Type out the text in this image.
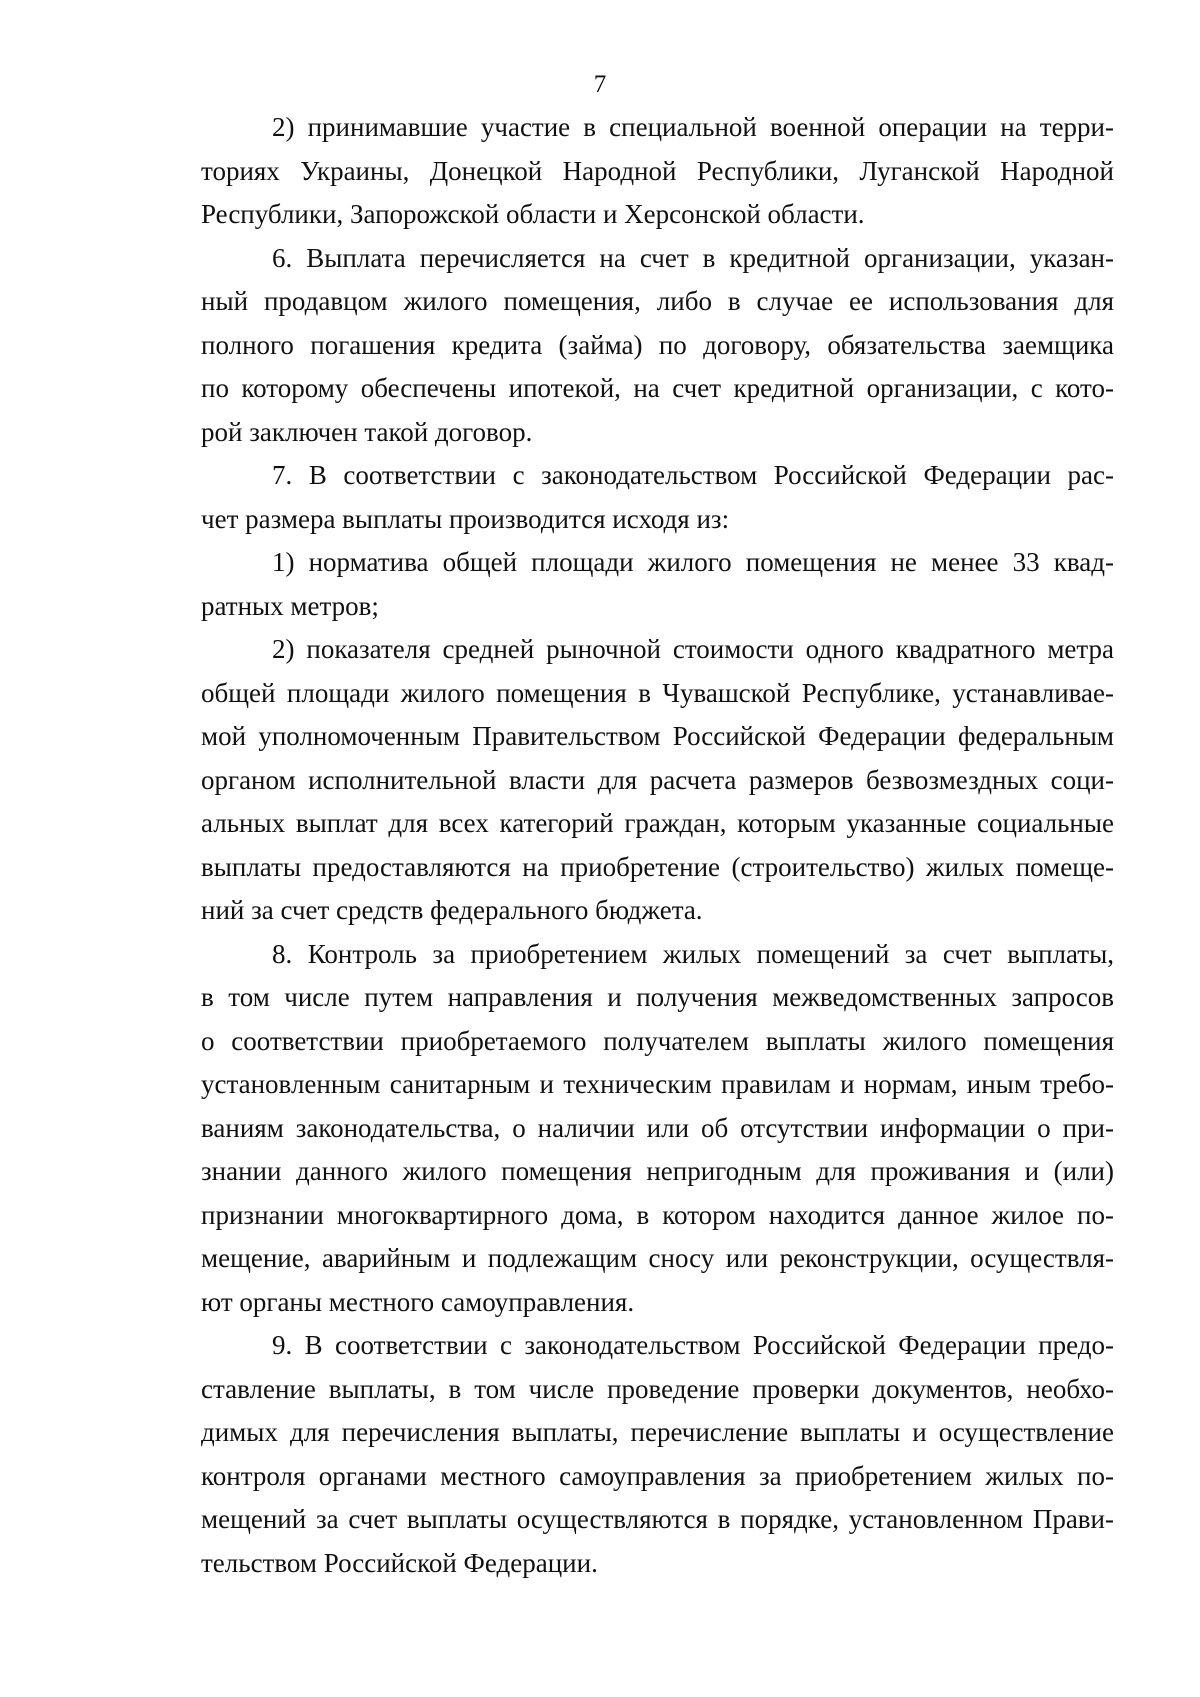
7

2) принимавшие участие в специальной военной операции на терри-
ториях Украины, Донецкой Народной Республики, Луганской Народной
Республики, Запорожской области и Херсонской области.

6. Выплата перечисляется на счет в кредитной организации, указан-
ный продавцом жилого помещения, либо в случае ее использования для
полного погашения кредита (займа) по договору, обязательства заемщика
по которому обеспечены ипотекой, на счет кредитной организации, с кото-
рой заключен такой договор.

7. В соответствии с законодательством Российской Федерации рас-
чет размера выплаты производится исходя из:

1) норматива общей площади жилого помещения не менее 33 квад-
ратных метров;

2) показателя средней рыночной стоимости одного квадратного метра
общей площади жилого помещения в Чувашской Республике, устанавливае-
мой уполномоченным Правительством Российской Федерации федеральным
органом исполнительной власти для расчета размеров безвозмездных соци-
альных выплат для всех категорий граждан, которым указанные социальные
выплаты предоставляются на приобретение (строительство) жилых помеще-
ний за счет средств федерального бюджета.

8. Контроль за приобретением жилых помещений за счет выплаты,
в том числе путем направления и получения межведомственных запросов
о соответствии приобретаемого получателем выплаты жилого помещения
установленным санитарным и техническим правилам и нормам, иным требо-
ваниям законодательства, о наличии или об отсутствии информации о при-
знании данного жилого помещения непригодным для проживания и (или)
признании многоквартирного дома, в котором находится данное жилое по-
мещение, аварийным и подлежащим сносу или реконструкции, осуществля-
ют органы местного самоуправления.

9. В соответствии с законодательством Российской Федерации предо-
ставление выплаты, в том числе проведение проверки документов, необхо-
димых для перечисления выплаты, перечисление выплаты и осуществление
контроля органами местного самоуправления за приобретением жилых по-
мещений за счет выплаты осуществляются в порядке, установленном Прави-
тельством Российской Федерации.
